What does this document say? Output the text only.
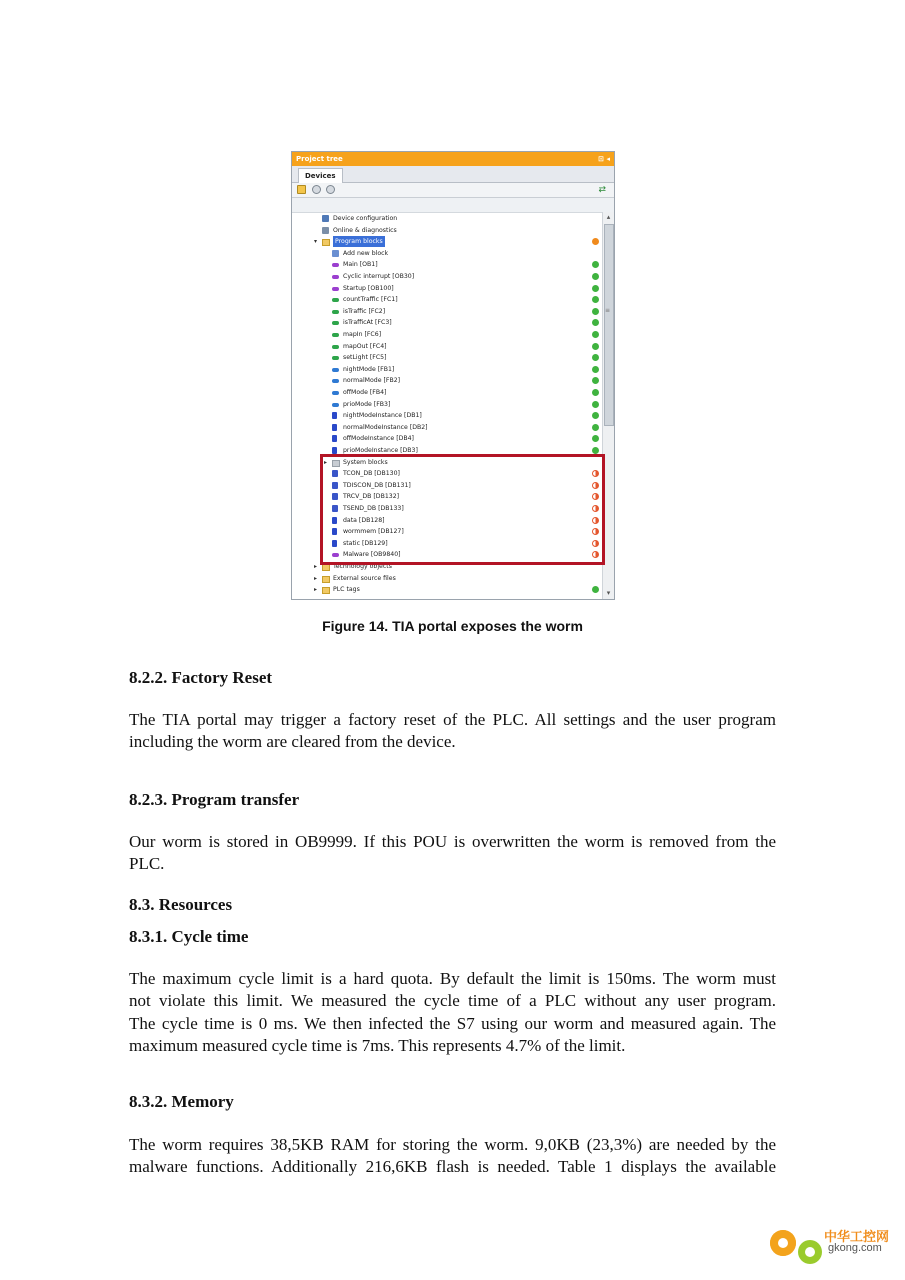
Project tree	⊡ ◂
Devices
⇄
Device configuration
Online & diagnostics
▾	Program blocks
Add new block
Main [OB1]
Cyclic interrupt [OB30]
Startup [OB100]
countTraffic [FC1]
isTraffic [FC2]
isTrafficAt [FC3]
mapIn [FC6]
mapOut [FC4]
setLight [FC5]
nightMode [FB1]
normalMode [FB2]
offMode [FB4]
prioMode [FB3]
nightModeInstance [DB1]
normalModeInstance [DB2]
offModeInstance [DB4]
prioModeInstance [DB3]
▸	System blocks
TCON_DB [DB130]
TDISCON_DB [DB131]
TRCV_DB [DB132]
TSEND_DB [DB133]
data [DB128]
wormmem [DB127]
static [DB129]
Malware [OB9840]
▸	Technology objects
▸	External source files
▸	PLC tags
▴
≡
▾
Figure 14. TIA portal exposes the worm
8.2.2. Factory Reset
The TIA portal may trigger a factory reset of the PLC. All settings and the user program
including the worm are cleared from the device.
8.2.3. Program transfer
Our worm is stored in OB9999. If this POU is overwritten the worm is removed from the
PLC.
8.3. Resources
8.3.1. Cycle time
The maximum cycle limit is a hard quota. By default the limit is 150ms. The worm must
not violate this limit. We measured the cycle time of a PLC without any user program.
The cycle time is 0 ms. We then infected the S7 using our worm and measured again. The
maximum measured cycle time is 7ms. This represents 4.7% of the limit.
8.3.2. Memory
The worm requires 38,5KB RAM for storing the worm. 9,0KB (23,3%) are needed by the
malware functions. Additionally 216,6KB flash is needed. Table 1 displays the available
中华工控网
gkong.com
